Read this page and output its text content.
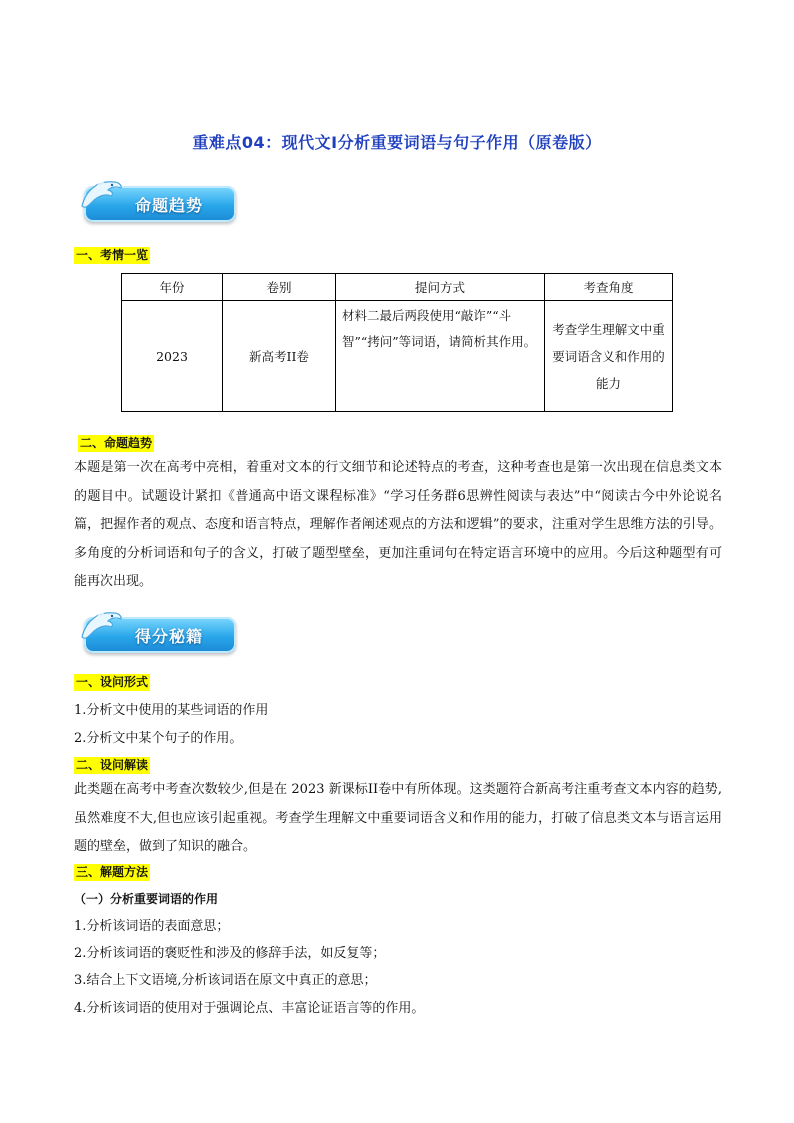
重难点04：现代文I分析重要词语与句子作用（原卷版）
命题趋势
一、考情一览
年份	卷别	提问方式	考查角度
2023	新高考II卷	材料二最后两段使用“敲诈”“斗智”“拷问”等词语，请简析其作用。	考查学生理解文中重要词语含义和作用的能力
二、命题趋势
本题是第一次在高考中亮相，着重对文本的行文细节和论述特点的考查，这种考查也是第一次出现在信息类文本的题目中。试题设计紧扣《普通高中语文课程标准》“学习任务群6思辨性阅读与表达”中“阅读古今中外论说名篇，把握作者的观点、态度和语言特点，理解作者阐述观点的方法和逻辑”的要求，注重对学生思维方法的引导。多角度的分析词语和句子的含义，打破了题型壁垒，更加注重词句在特定语言环境中的应用。今后这种题型有可能再次出现。
得分秘籍
一、设问形式
1.分析文中使用的某些词语的作用
2.分析文中某个句子的作用。
二、设问解读
此类题在高考中考查次数较少,但是在 2023 新课标II卷中有所体现。这类题符合新高考注重考查文本内容的趋势,虽然难度不大,但也应该引起重视。考查学生理解文中重要词语含义和作用的能力，打破了信息类文本与语言运用题的壁垒，做到了知识的融合。
三、解题方法
（一）分析重要词语的作用
1.分析该词语的表面意思；
2.分析该词语的褒贬性和涉及的修辞手法，如反复等；
3.结合上下文语境,分析该词语在原文中真正的意思；
4.分析该词语的使用对于强调论点、丰富论证语言等的作用。
